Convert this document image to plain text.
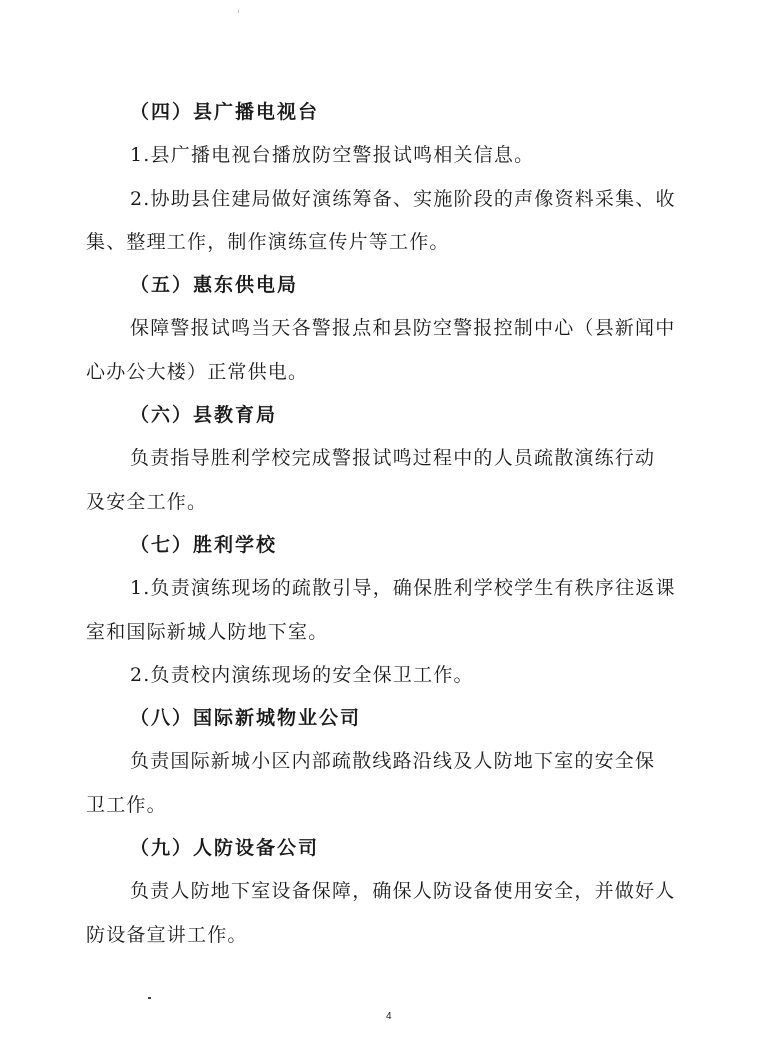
（四）县广播电视台
1.县广播电视台播放防空警报试鸣相关信息。
2.协助县住建局做好演练筹备、实施阶段的声像资料采集、收
集、整理工作，制作演练宣传片等工作。
（五）惠东供电局
保障警报试鸣当天各警报点和县防空警报控制中心（县新闻中
心办公大楼）正常供电。
（六）县教育局
负责指导胜利学校完成警报试鸣过程中的人员疏散演练行动
及安全工作。
（七）胜利学校
1.负责演练现场的疏散引导，确保胜利学校学生有秩序往返课
室和国际新城人防地下室。
2.负责校内演练现场的安全保卫工作。
（八）国际新城物业公司
负责国际新城小区内部疏散线路沿线及人防地下室的安全保
卫工作。
（九）人防设备公司
负责人防地下室设备保障，确保人防设备使用安全，并做好人
防设备宣讲工作。
4
